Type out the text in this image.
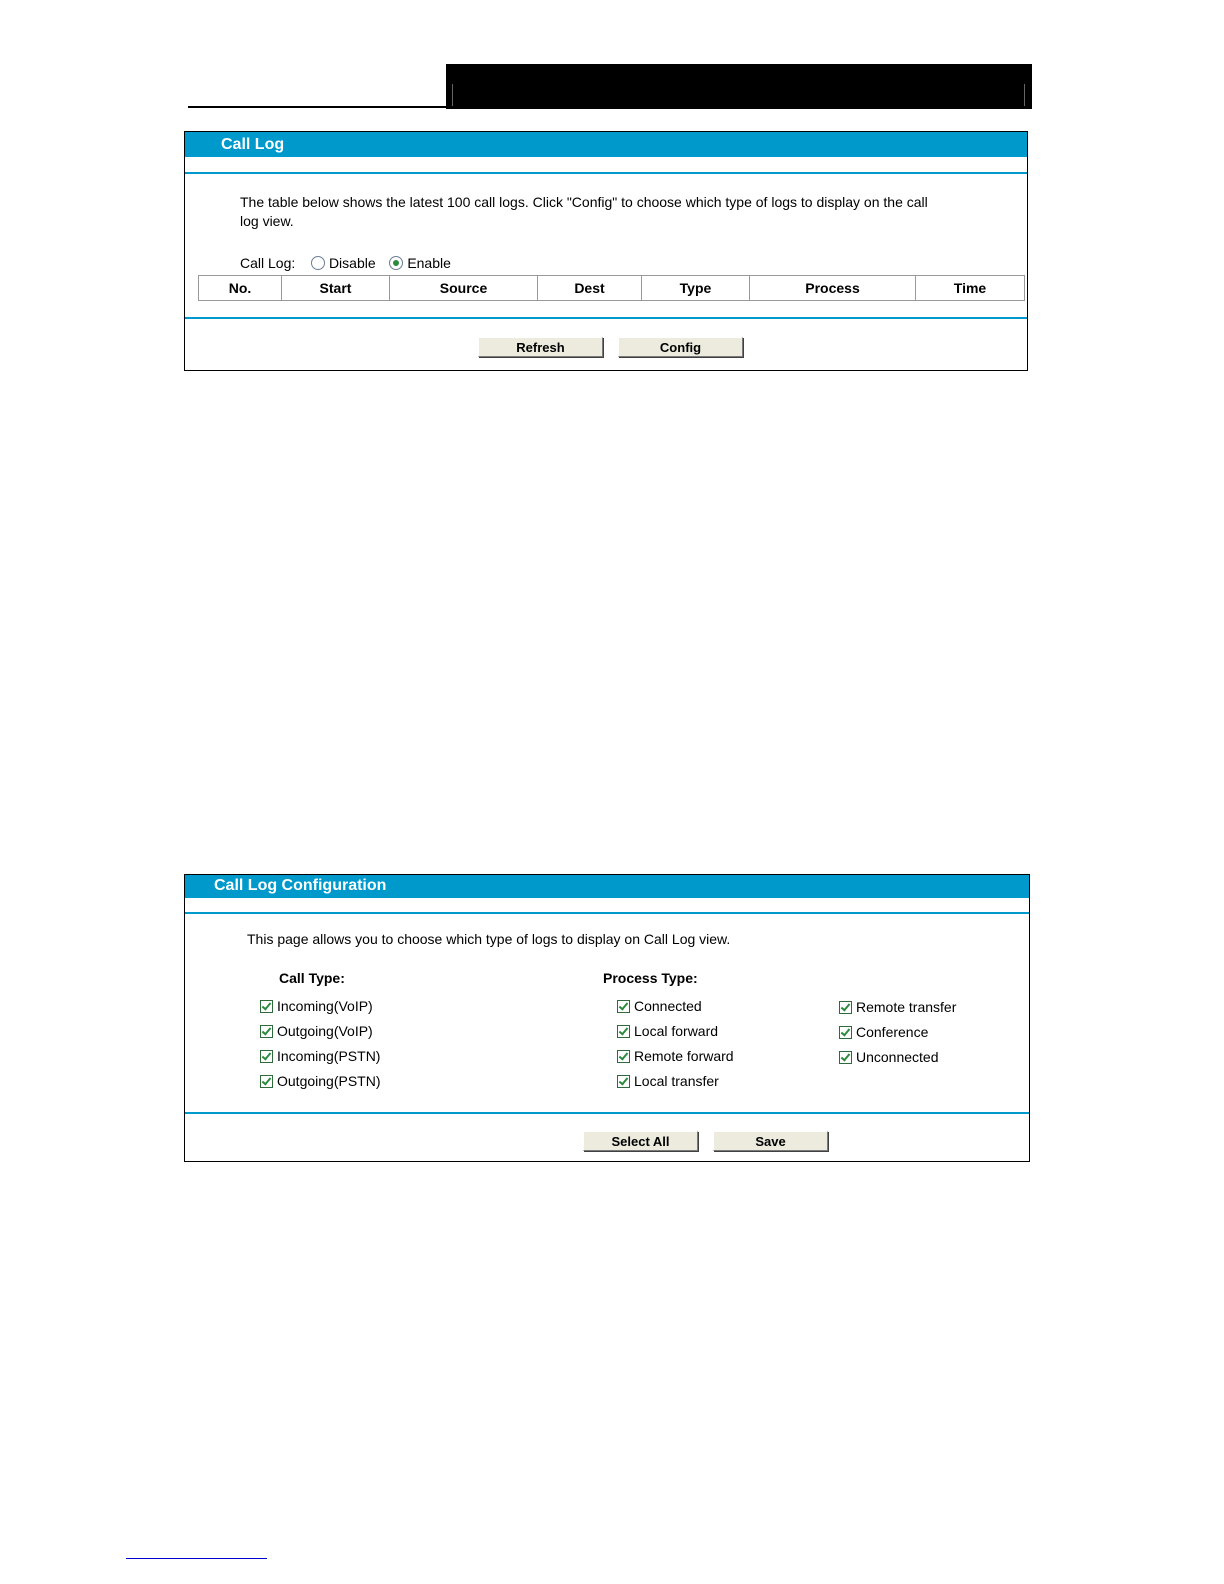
Call Log
The table below shows the latest 100 call logs. Click "Config" to choose which type of logs to display on the call
log view.
Call Log: Disable Enable
No.	Start	Source	Dest	Type	Process	Time
Refresh	Config
Call Log Configuration
This page allows you to choose which type of logs to display on Call Log view.
Call Type:	Process Type:
Incoming(VoIP)
Outgoing(VoIP)
Incoming(PSTN)
Outgoing(PSTN)
Connected
Local forward
Remote forward
Local transfer
Remote transfer
Conference
Unconnected
Select All	Save
